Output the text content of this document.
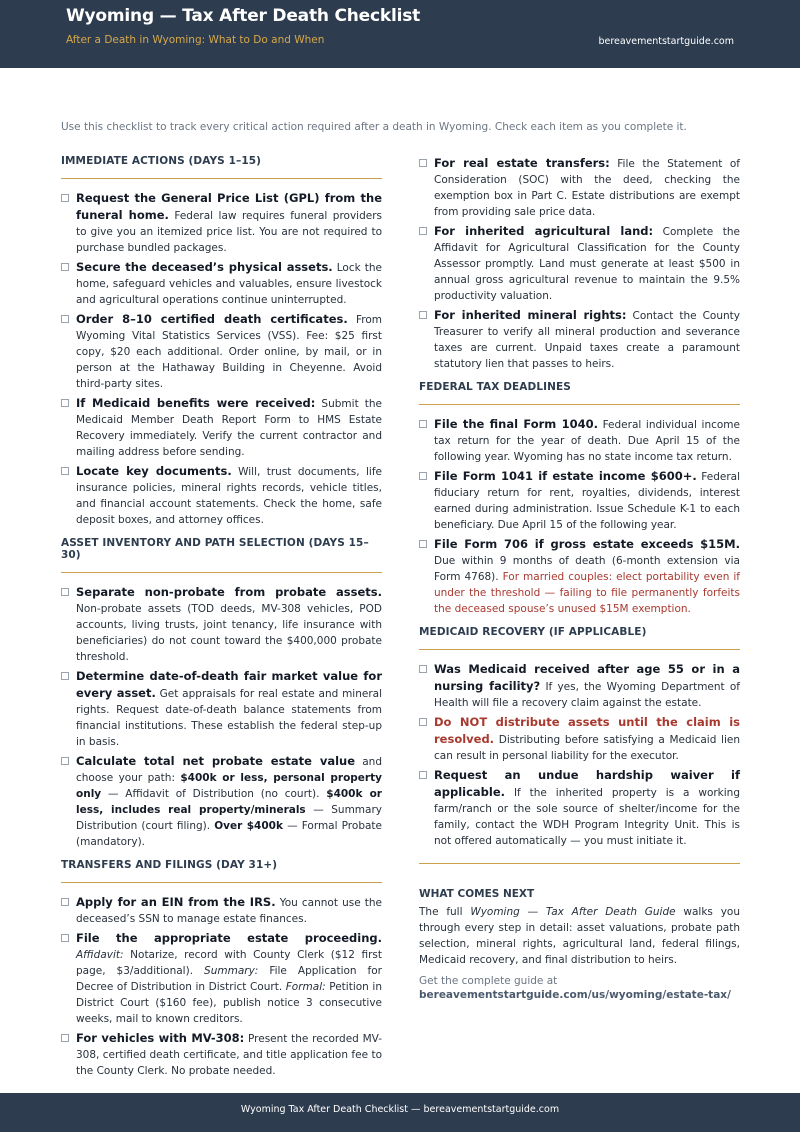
Wyoming — Tax After Death Checklist
After a Death in Wyoming: What to Do and When	bereavementstartguide.com
Use this checklist to track every critical action required after a death in Wyoming. Check each item as you complete it.
IMMEDIATE ACTIONS (DAYS 1–15)
Request the General Price List (GPL) from the funeral home. Federal law requires funeral providers to give you an itemized price list. You are not required to purchase bundled packages.
Secure the deceased’s physical assets. Lock the home, safeguard vehicles and valuables, ensure livestock and agricultural operations continue uninterrupted.
Order 8–10 certified death certificates. From Wyoming Vital Statistics Services (VSS). Fee: $25 first copy, $20 each additional. Order online, by mail, or in person at the Hathaway Building in Cheyenne. Avoid third-party sites.
If Medicaid benefits were received: Submit the Medicaid Member Death Report Form to HMS Estate Recovery immediately. Verify the current contractor and mailing address before sending.
Locate key documents. Will, trust documents, life insurance policies, mineral rights records, vehicle titles, and financial account statements. Check the home, safe deposit boxes, and attorney offices.
ASSET INVENTORY AND PATH SELECTION (DAYS 15–30)
Separate non-probate from probate assets. Non-probate assets (TOD deeds, MV-308 vehicles, POD accounts, living trusts, joint tenancy, life insurance with beneficiaries) do not count toward the $400,000 probate threshold.
Determine date-of-death fair market value for every asset. Get appraisals for real estate and mineral rights. Request date-of-death balance statements from financial institutions. These establish the federal step-up in basis.
Calculate total net probate estate value and choose your path: $400k or less, personal property only — Affidavit of Distribution (no court). $400k or less, includes real property/minerals — Summary Distribution (court filing). Over $400k — Formal Probate (mandatory).
TRANSFERS AND FILINGS (DAY 31+)
Apply for an EIN from the IRS. You cannot use the deceased’s SSN to manage estate finances.
File the appropriate estate proceeding. Affidavit: Notarize, record with County Clerk ($12 first page, $3/additional). Summary: File Application for Decree of Distribution in District Court. Formal: Petition in District Court ($160 fee), publish notice 3 consecutive weeks, mail to known creditors.
For vehicles with MV-308: Present the recorded MV-308, certified death certificate, and title application fee to the County Clerk. No probate needed.
For real estate transfers: File the Statement of Consideration (SOC) with the deed, checking the exemption box in Part C. Estate distributions are exempt from providing sale price data.
For inherited agricultural land: Complete the Affidavit for Agricultural Classification for the County Assessor promptly. Land must generate at least $500 in annual gross agricultural revenue to maintain the 9.5% productivity valuation.
For inherited mineral rights: Contact the County Treasurer to verify all mineral production and severance taxes are current. Unpaid taxes create a paramount statutory lien that passes to heirs.
FEDERAL TAX DEADLINES
File the final Form 1040. Federal individual income tax return for the year of death. Due April 15 of the following year. Wyoming has no state income tax return.
File Form 1041 if estate income $600+. Federal fiduciary return for rent, royalties, dividends, interest earned during administration. Issue Schedule K-1 to each beneficiary. Due April 15 of the following year.
File Form 706 if gross estate exceeds $15M. Due within 9 months of death (6-month extension via Form 4768). For married couples: elect portability even if under the threshold — failing to file permanently forfeits the deceased spouse’s unused $15M exemption.
MEDICAID RECOVERY (IF APPLICABLE)
Was Medicaid received after age 55 or in a nursing facility? If yes, the Wyoming Department of Health will file a recovery claim against the estate.
Do NOT distribute assets until the claim is resolved. Distributing before satisfying a Medicaid lien can result in personal liability for the executor.
Request an undue hardship waiver if applicable. If the inherited property is a working farm/ranch or the sole source of shelter/income for the family, contact the WDH Program Integrity Unit. This is not offered automatically — you must initiate it.
WHAT COMES NEXT
The full Wyoming — Tax After Death Guide walks you through every step in detail: asset valuations, probate path selection, mineral rights, agricultural land, federal filings, Medicaid recovery, and final distribution to heirs.
Get the complete guide at
bereavementstartguide.com/us/wyoming/estate-tax/
Wyoming Tax After Death Checklist — bereavementstartguide.com
